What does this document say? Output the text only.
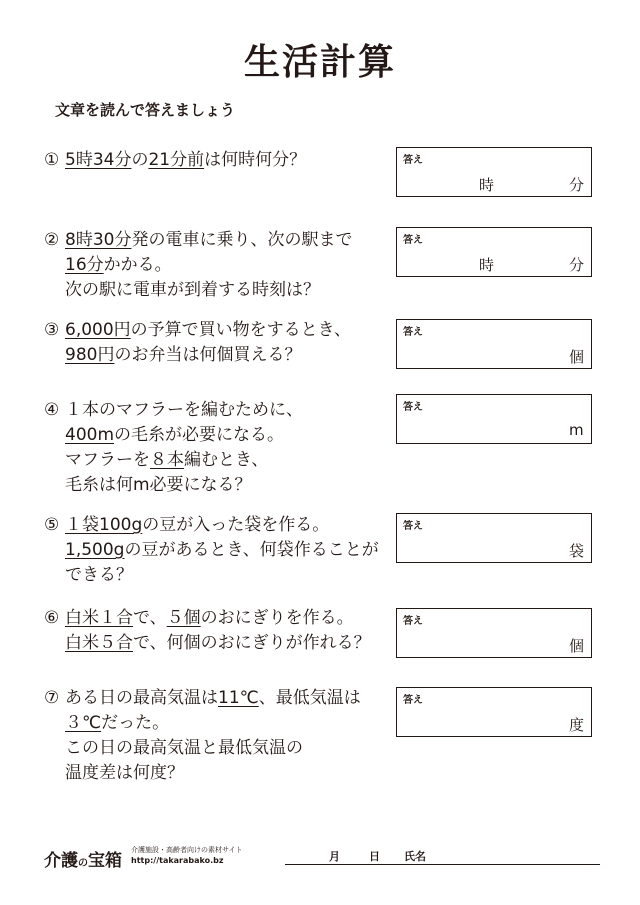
生活計算
文章を読んで答えましょう
①5時34分の21分前は何時何分？	答え
時	分
②8時30分発の電車に乗り、次の駅まで
16分かかる。
次の駅に電車が到着する時刻は？
答え
時	分
③6,000円の予算で買い物をするとき、
980円のお弁当は何個買える？
答え
個
④１本のマフラーを編むために、
400mの毛糸が必要になる。
マフラーを８本編むとき、
毛糸は何m必要になる？
答え
m
⑤１袋100gの豆が入った袋を作る。
1,500gの豆があるとき、何袋作ることが
できる？
答え
袋
⑥白米１合で、５個のおにぎりを作る。
白米５合で、何個のおにぎりが作れる？
答え
個
⑦ある日の最高気温は11℃、最低気温は
３℃だった。
この日の最高気温と最低気温の
温度差は何度？
答え
度
介護の宝箱
介護施設・高齢者向けの素材サイト
http://takarabako.bz	月	日 氏名
